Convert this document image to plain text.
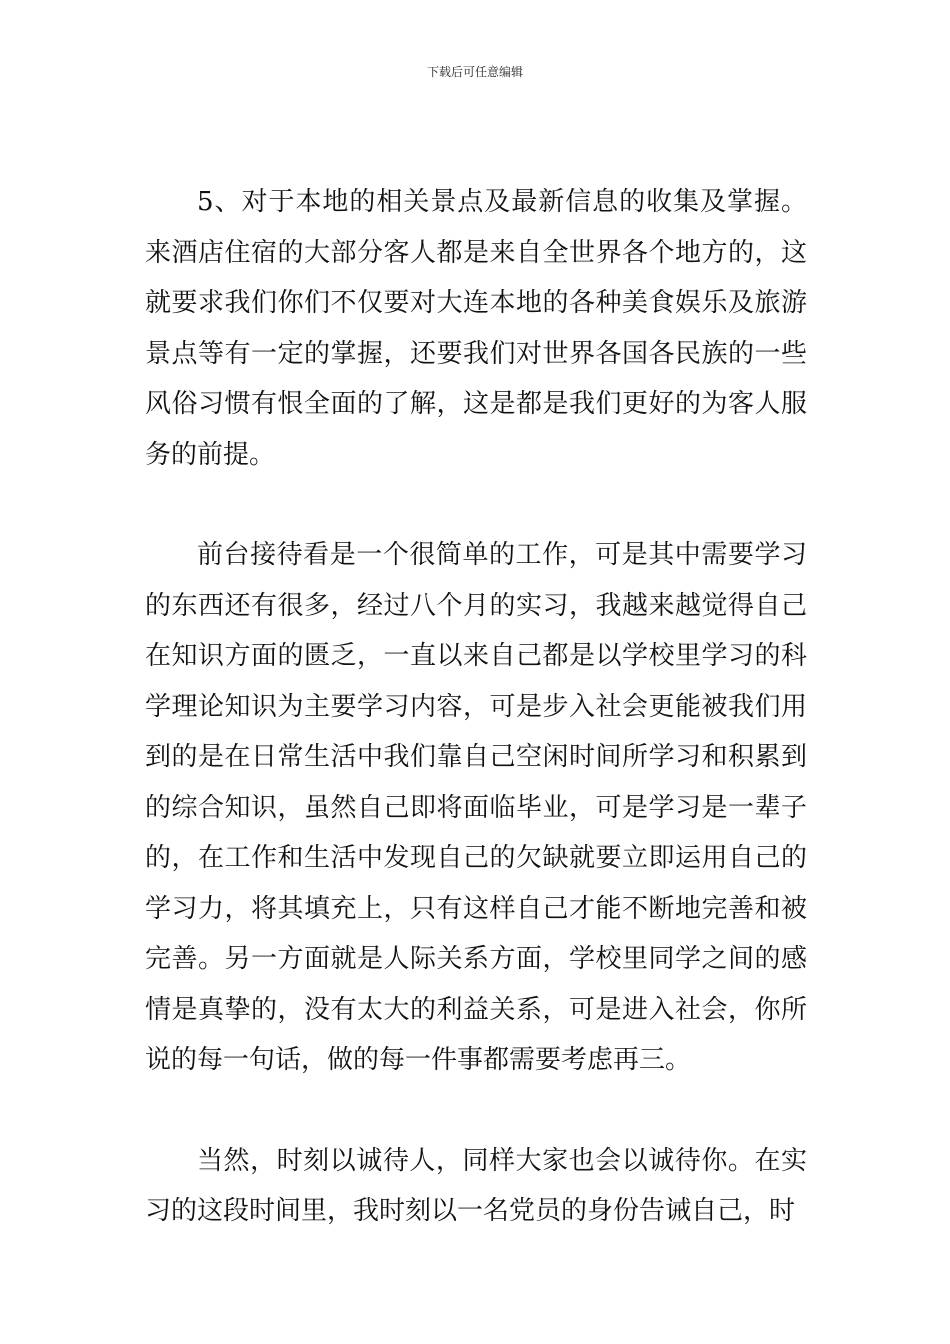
下载后可任意编辑

5、对于本地的相关景点及最新信息的收集及掌握。来酒店住宿的大部分客人都是来自全世界各个地方的，这就要求我们你们不仅要对大连本地的各种美食娱乐及旅游景点等有一定的掌握，还要我们对世界各国各民族的一些风俗习惯有恨全面的了解，这是都是我们更好的为客人服务的前提。

前台接待看是一个很简单的工作，可是其中需要学习的东西还有很多，经过八个月的实习，我越来越觉得自己在知识方面的匮乏，一直以来自己都是以学校里学习的科学理论知识为主要学习内容，可是步入社会更能被我们用到的是在日常生活中我们靠自己空闲时间所学习和积累到的综合知识，虽然自己即将面临毕业，可是学习是一辈子的，在工作和生活中发现自己的欠缺就要立即运用自己的学习力，将其填充上，只有这样自己才能不断地完善和被完善。另一方面就是人际关系方面，学校里同学之间的感情是真挚的，没有太大的利益关系，可是进入社会，你所说的每一句话，做的每一件事都需要考虑再三。

当然，时刻以诚待人，同样大家也会以诚待你。在实习的这段时间里，我时刻以一名党员的身份告诫自己，时
